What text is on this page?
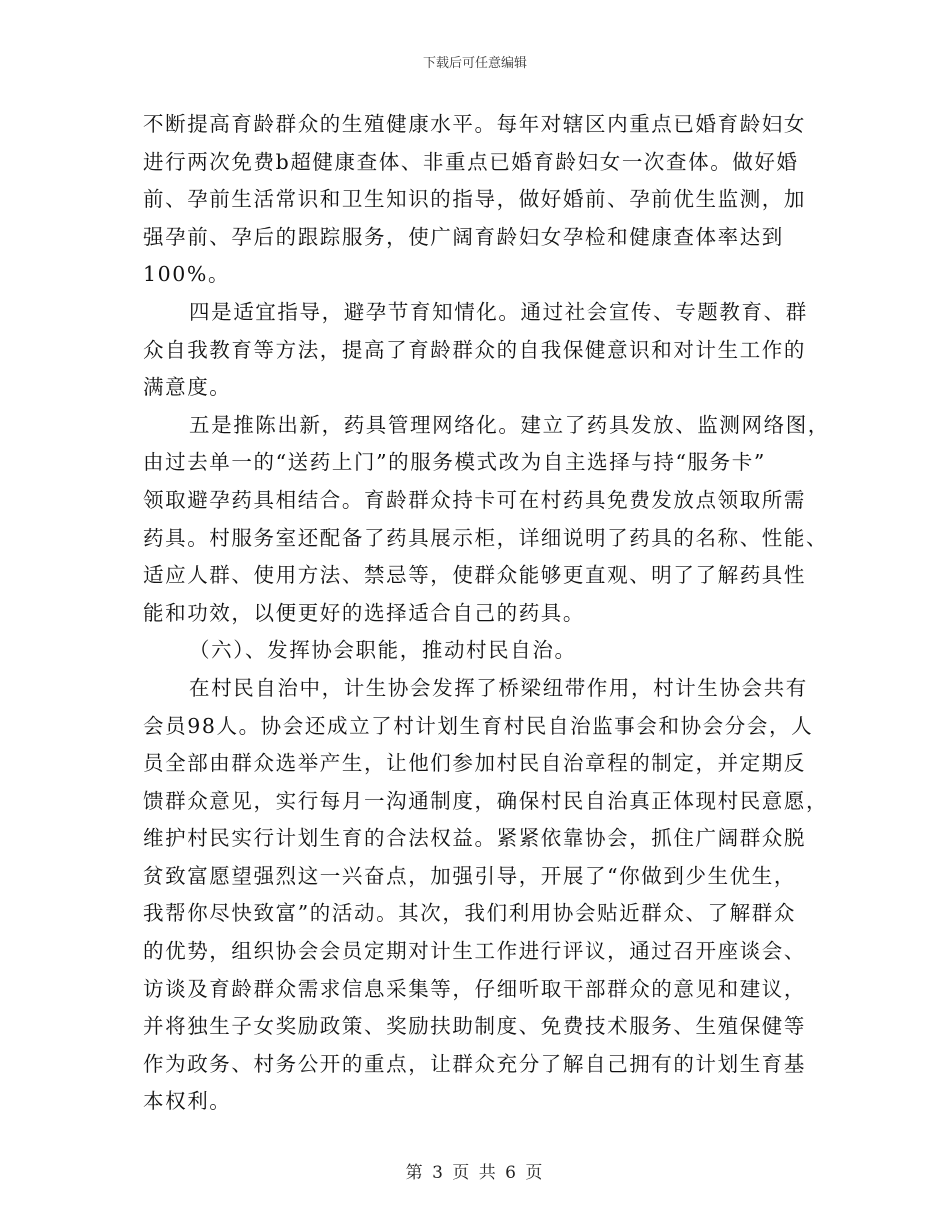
下载后可任意编辑
不断提高育龄群众的生殖健康水平。每年对辖区内重点已婚育龄妇女
进行两次免费b超健康查体、非重点已婚育龄妇女一次查体。做好婚
前、孕前生活常识和卫生知识的指导，做好婚前、孕前优生监测，加
强孕前、孕后的跟踪服务，使广阔育龄妇女孕检和健康查体率达到
100%。
四是适宜指导，避孕节育知情化。通过社会宣传、专题教育、群
众自我教育等方法，提高了育龄群众的自我保健意识和对计生工作的
满意度。
五是推陈出新，药具管理网络化。建立了药具发放、监测网络图，
由过去单一的“送药上门”的服务模式改为自主选择与持“服务卡”
领取避孕药具相结合。育龄群众持卡可在村药具免费发放点领取所需
药具。村服务室还配备了药具展示柜，详细说明了药具的名称、性能、
适应人群、使用方法、禁忌等，使群众能够更直观、明了了解药具性
能和功效，以便更好的选择适合自己的药具。
（六）、发挥协会职能，推动村民自治。
在村民自治中，计生协会发挥了桥梁纽带作用，村计生协会共有
会员98人。协会还成立了村计划生育村民自治监事会和协会分会，人
员全部由群众选举产生，让他们参加村民自治章程的制定，并定期反
馈群众意见，实行每月一沟通制度，确保村民自治真正体现村民意愿，
维护村民实行计划生育的合法权益。紧紧依靠协会，抓住广阔群众脱
贫致富愿望强烈这一兴奋点，加强引导，开展了“你做到少生优生，
我帮你尽快致富”的活动。其次，我们利用协会贴近群众、了解群众
的优势，组织协会会员定期对计生工作进行评议，通过召开座谈会、
访谈及育龄群众需求信息采集等，仔细听取干部群众的意见和建议，
并将独生子女奖励政策、奖励扶助制度、免费技术服务、生殖保健等
作为政务、村务公开的重点，让群众充分了解自己拥有的计划生育基
本权利。
第 3 页 共 6 页
